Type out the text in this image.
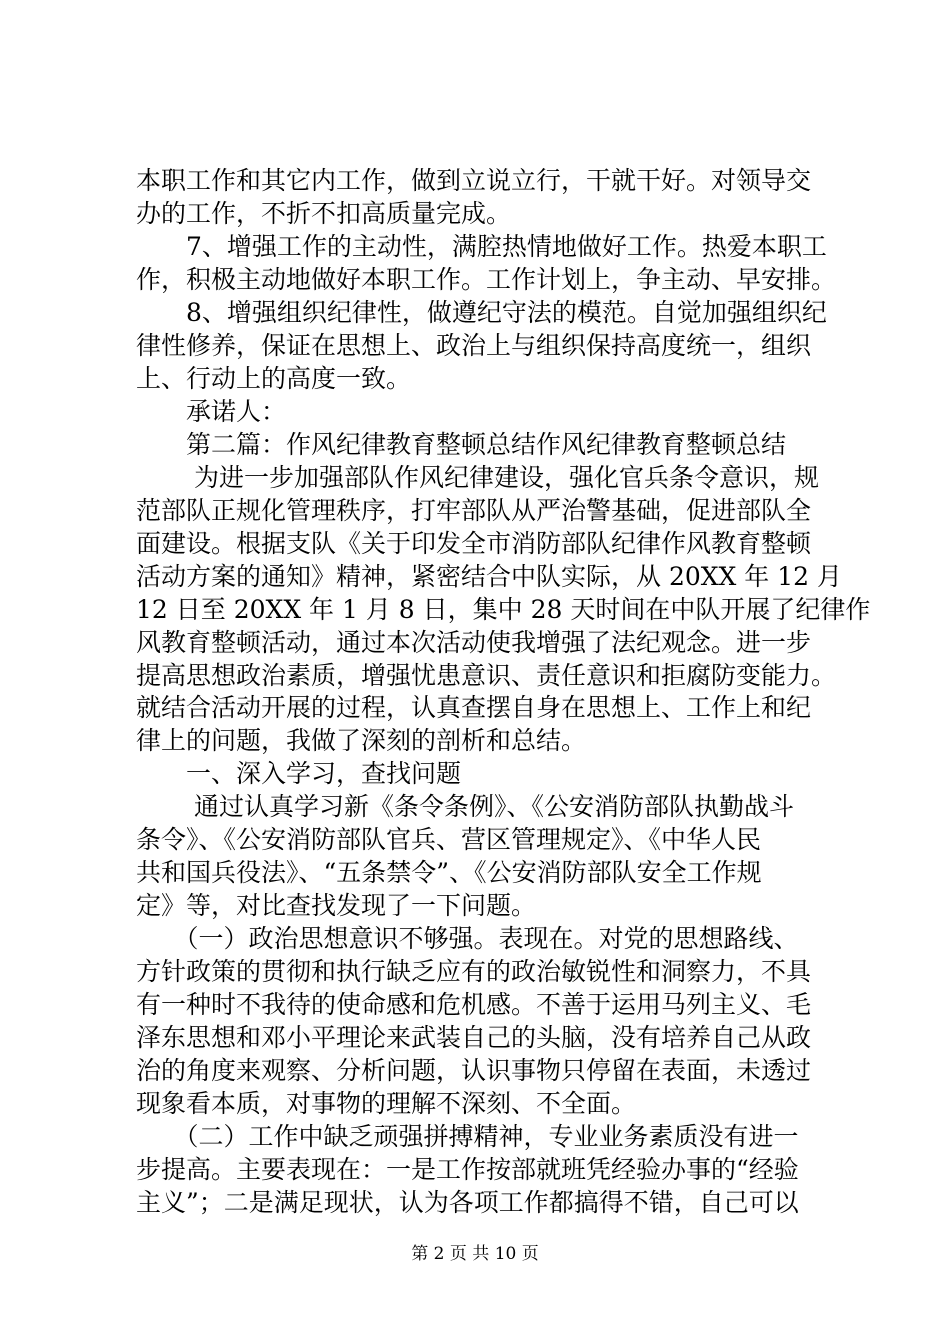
本职工作和其它内工作，做到立说立行，干就干好。对领导交
办的工作，不折不扣高质量完成。
　　7、增强工作的主动性，满腔热情地做好工作。热爱本职工
作，积极主动地做好本职工作。工作计划上，争主动、早安排。
　　8、增强组织纪律性，做遵纪守法的模范。自觉加强组织纪
律性修养，保证在思想上、政治上与组织保持高度统一，组织
上、行动上的高度一致。
　　承诺人：
　　第二篇：作风纪律教育整顿总结作风纪律教育整顿总结
　　 为进一步加强部队作风纪律建设，强化官兵条令意识，规
范部队正规化管理秩序，打牢部队从严治警基础，促进部队全
面建设。根据支队《关于印发全市消防部队纪律作风教育整顿
活动方案的通知》精神，紧密结合中队实际，从 20XX 年 12 月
12 日至 20XX 年 1 月 8 日，集中 28 天时间在中队开展了纪律作
风教育整顿活动，通过本次活动使我增强了法纪观念。进一步
提高思想政治素质，增强忧患意识、责任意识和拒腐防变能力。
就结合活动开展的过程，认真查摆自身在思想上、工作上和纪
律上的问题，我做了深刻的剖析和总结。
　　一、深入学习，查找问题
　　 通过认真学习新《条令条例》、《公安消防部队执勤战斗
条令》、《公安消防部队官兵、营区管理规定》、《中华人民
共和国兵役法》、“五条禁令”、《公安消防部队安全工作规
定》等，对比查找发现了一下问题。
　　（一）政治思想意识不够强。表现在。对党的思想路线、
方针政策的贯彻和执行缺乏应有的政治敏锐性和洞察力，不具
有一种时不我待的使命感和危机感。不善于运用马列主义、毛
泽东思想和邓小平理论来武装自己的头脑，没有培养自己从政
治的角度来观察、分析问题，认识事物只停留在表面，未透过
现象看本质，对事物的理解不深刻、不全面。
　　（二）工作中缺乏顽强拼搏精神，专业业务素质没有进一
步提高。主要表现在：一是工作按部就班凭经验办事的“经验
主义”；二是满足现状，认为各项工作都搞得不错，自己可以
第 2 页 共 10 页
